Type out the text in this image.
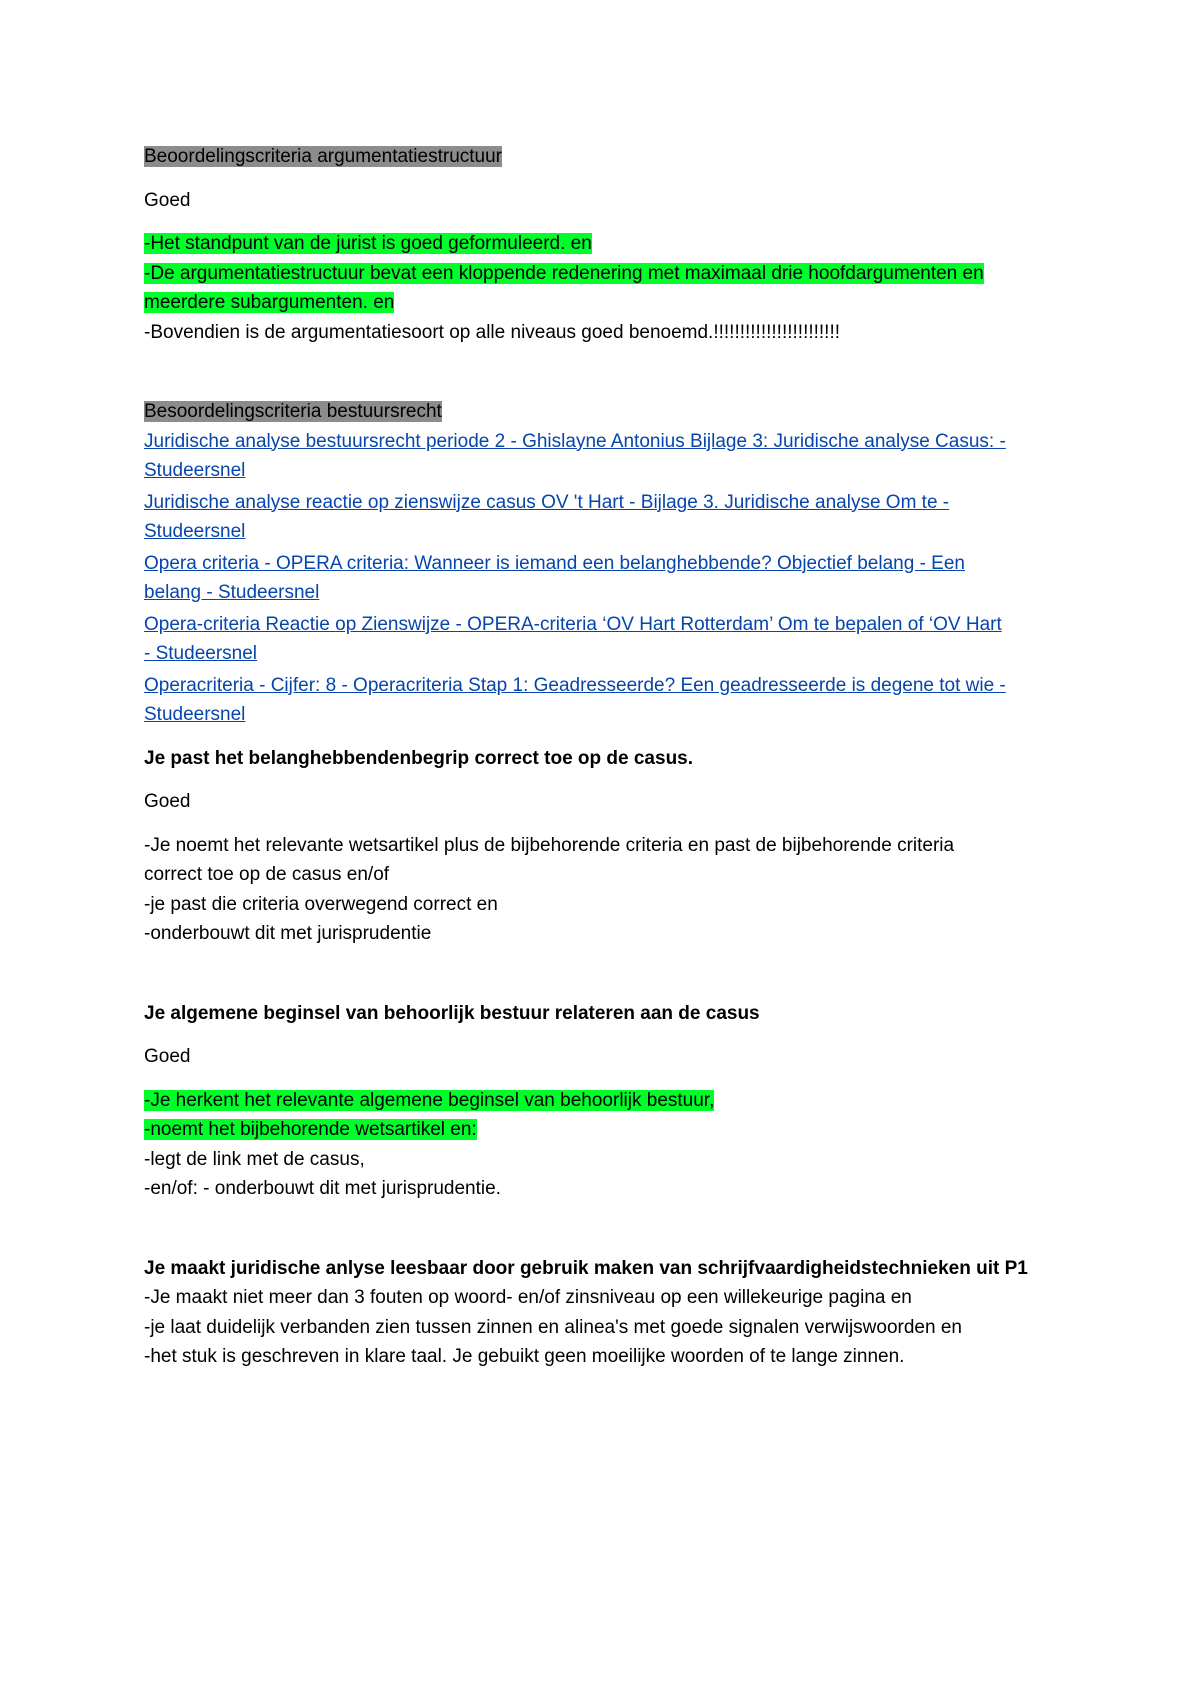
Beoordelingscriteria argumentatiestructuur
Goed
-Het standpunt van de jurist is goed geformuleerd. en
-De argumentatiestructuur bevat een kloppende redenering met maximaal drie hoofdargumenten en
meerdere subargumenten. en
-Bovendien is de argumentatiesoort op alle niveaus goed benoemd.!!!!!!!!!!!!!!!!!!!!!!!!
Besoordelingscriteria bestuursrecht
Juridische analyse bestuursrecht periode 2 - Ghislayne Antonius Bijlage 3: Juridische analyse Casus: -
Studeersnel
Juridische analyse reactie op zienswijze casus OV 't Hart - Bijlage 3. Juridische analyse Om te -
Studeersnel
Opera criteria - OPERA criteria: Wanneer is iemand een belanghebbende? Objectief belang - Een
belang - Studeersnel
Opera-criteria Reactie op Zienswijze - OPERA-criteria ‘OV Hart Rotterdam’ Om te bepalen of ‘OV Hart
- Studeersnel
Operacriteria - Cijfer: 8 - Operacriteria Stap 1: Geadresseerde? Een geadresseerde is degene tot wie -
Studeersnel
Je past het belanghebbendenbegrip correct toe op de casus.
Goed
-Je noemt het relevante wetsartikel plus de bijbehorende criteria en past de bijbehorende criteria
correct toe op de casus en/of
-je past die criteria overwegend correct en
-onderbouwt dit met jurisprudentie
Je algemene beginsel van behoorlijk bestuur relateren aan de casus
Goed
-Je herkent het relevante algemene beginsel van behoorlijk bestuur,
-noemt het bijbehorende wetsartikel en:
-legt de link met de casus,
-en/of: - onderbouwt dit met jurisprudentie.
Je maakt juridische anlyse leesbaar door gebruik maken van schrijfvaardigheidstechnieken uit P1
-Je maakt niet meer dan 3 fouten op woord- en/of zinsniveau op een willekeurige pagina en
-je laat duidelijk verbanden zien tussen zinnen en alinea's met goede signalen verwijswoorden en
-het stuk is geschreven in klare taal. Je gebuikt geen moeilijke woorden of te lange zinnen.
